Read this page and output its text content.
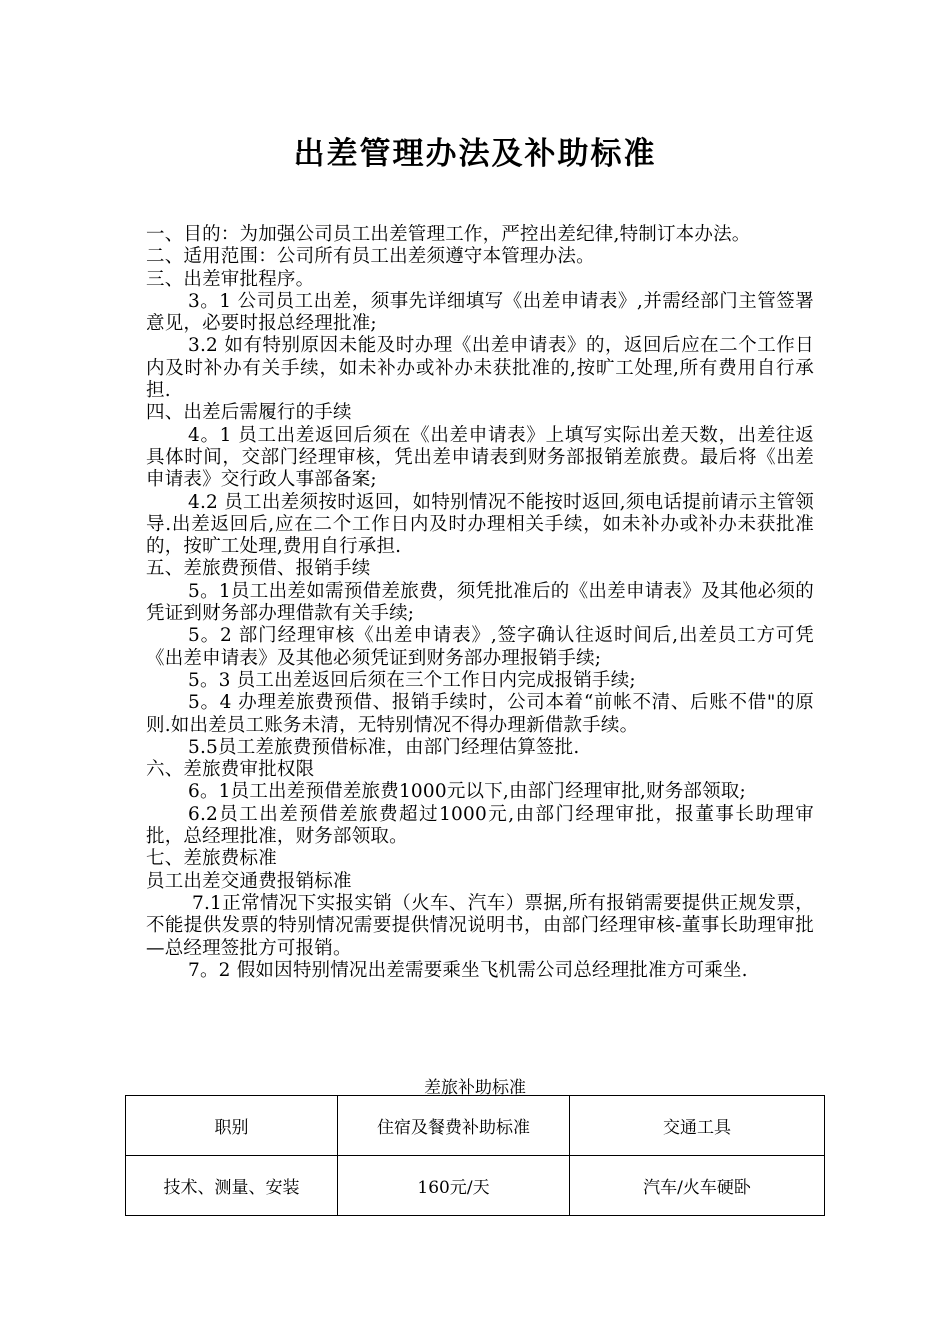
出差管理办法及补助标准

一、目的：为加强公司员工出差管理工作，严控出差纪律,特制订本办法。

二、适用范围：公司所有员工出差须遵守本管理办法。

三、出差审批程序。

3。1 公司员工出差，须事先详细填写《出差申请表》,并需经部门主管签署意见，必要时报总经理批准;

3.2 如有特别原因未能及时办理《出差申请表》的，返回后应在二个工作日内及时补办有关手续，如未补办或补办未获批准的,按旷工处理,所有费用自行承担.

四、出差后需履行的手续

4。1 员工出差返回后须在《出差申请表》上填写实际出差天数，出差往返具体时间，交部门经理审核，凭出差申请表到财务部报销差旅费。最后将《出差申请表》交行政人事部备案;

4.2 员工出差须按时返回，如特别情况不能按时返回,须电话提前请示主管领导.出差返回后,应在二个工作日内及时办理相关手续，如未补办或补办未获批准的，按旷工处理,费用自行承担.

五、差旅费预借、报销手续

5。1员工出差如需预借差旅费，须凭批准后的《出差申请表》及其他必须的凭证到财务部办理借款有关手续;

5。2 部门经理审核《出差申请表》,签字确认往返时间后,出差员工方可凭《出差申请表》及其他必须凭证到财务部办理报销手续;

5。3 员工出差返回后须在三个工作日内完成报销手续;

5。4 办理差旅费预借、报销手续时，公司本着“前帐不清、后账不借"的原则.如出差员工账务未清，无特别情况不得办理新借款手续。

5.5员工差旅费预借标准，由部门经理估算签批.

六、差旅费审批权限

6。1员工出差预借差旅费1000元以下,由部门经理审批,财务部领取;

6.2员工出差预借差旅费超过1000元,由部门经理审批，报董事长助理审批，总经理批准，财务部领取。

七、差旅费标准

员工出差交通费报销标准

7.1正常情况下实报实销（火车、汽车）票据,所有报销需要提供正规发票，不能提供发票的特别情况需要提供情况说明书，由部门经理审核-董事长助理审批—总经理签批方可报销。

7。2 假如因特别情况出差需要乘坐飞机需公司总经理批准方可乘坐.

差旅补助标准
职别	住宿及餐费补助标准	交通工具
技术、测量、安装	160元/天	汽车/火车硬卧
